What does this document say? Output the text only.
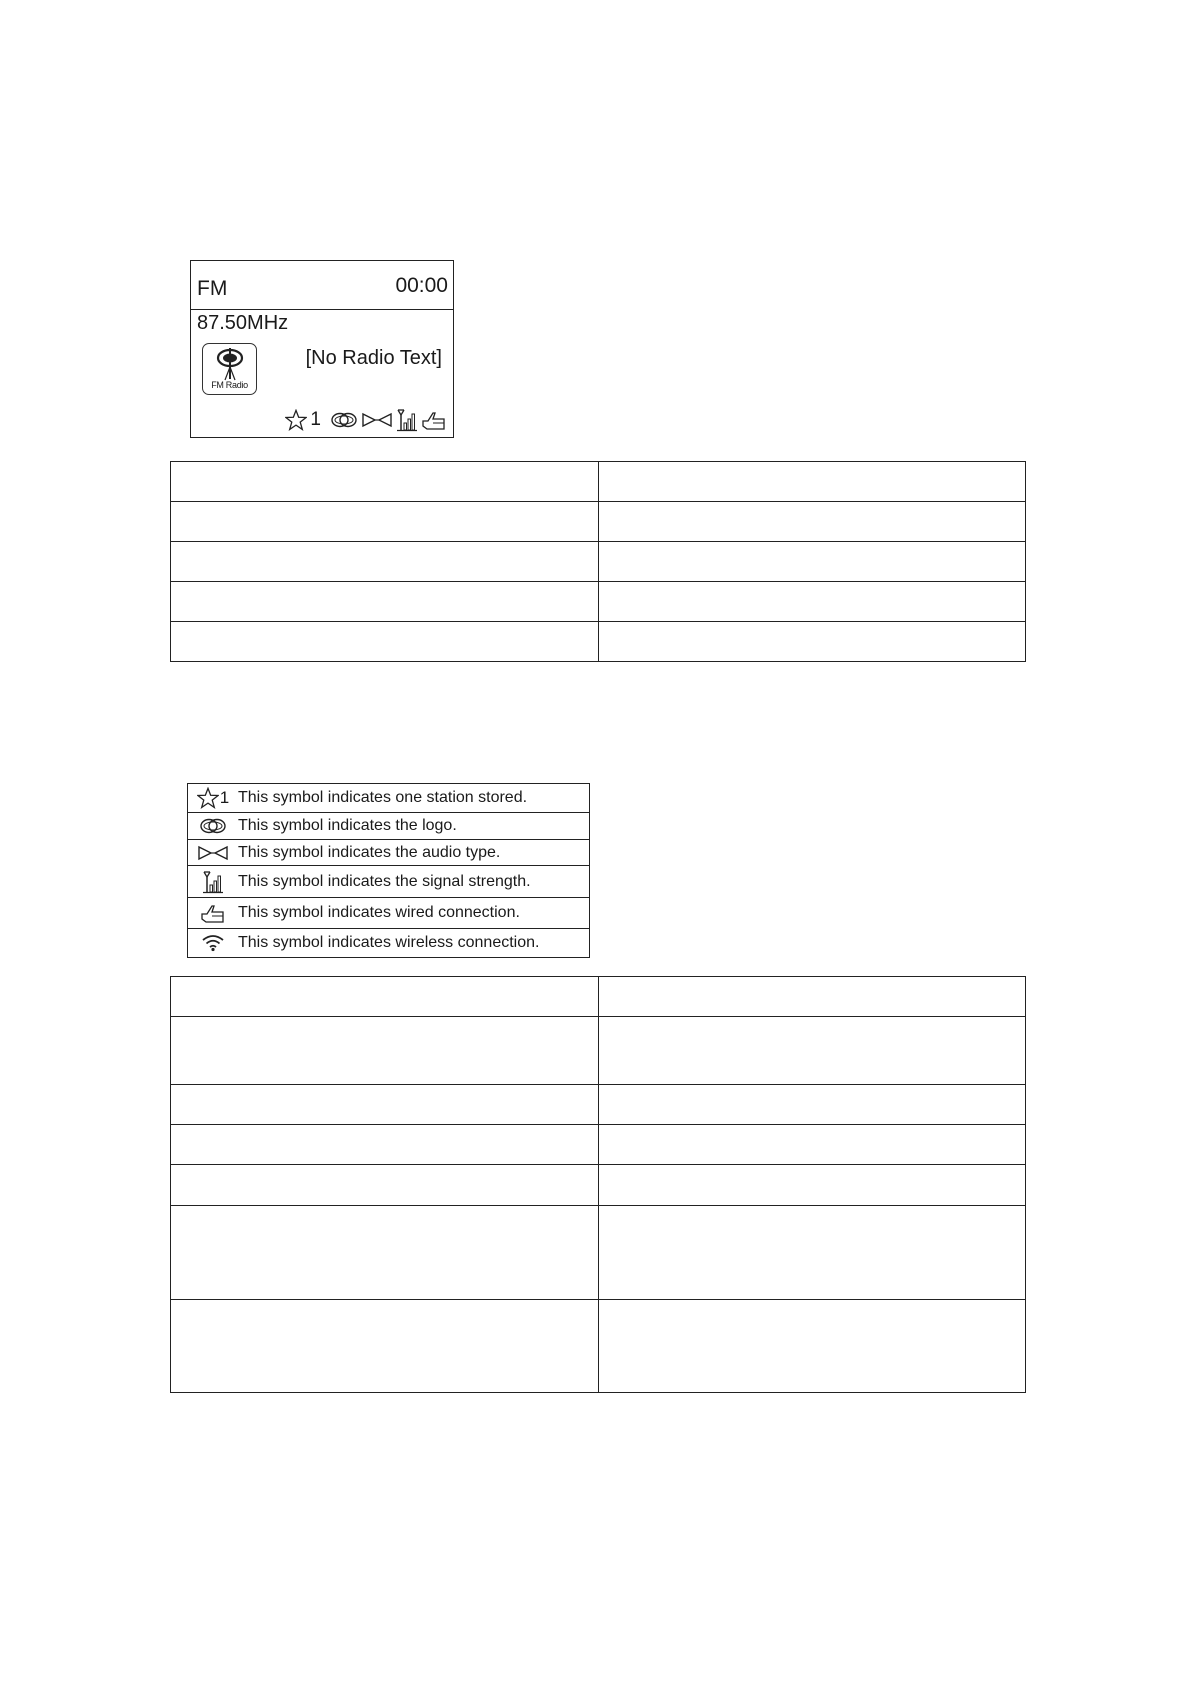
FM	00:00
87.50MHz
FM Radio
[No Radio Text]
1

1 This symbol indicates one station stored.
This symbol indicates the logo.
This symbol indicates the audio type.
This symbol indicates the signal strength.
This symbol indicates wired connection.
This symbol indicates wireless connection.
